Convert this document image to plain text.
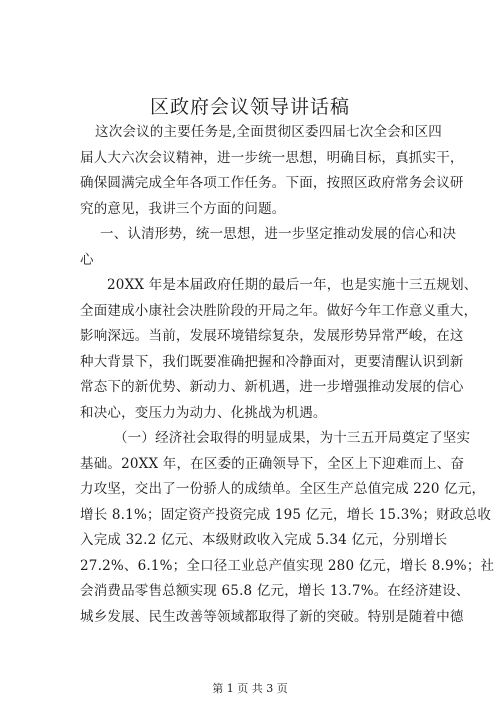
区政府会议领导讲话稿
这次会议的主要任务是,全面贯彻区委四届七次全会和区四
届人大六次会议精神，进一步统一思想，明确目标，真抓实干，
确保圆满完成全年各项工作任务。下面，按照区政府常务会议研
究的意见，我讲三个方面的问题。
一、认清形势，统一思想，进一步坚定推动发展的信心和决
心
20XX 年是本届政府任期的最后一年，也是实施十三五规划、
全面建成小康社会决胜阶段的开局之年。做好今年工作意义重大，
影响深远。当前，发展环境错综复杂，发展形势异常严峻，在这
种大背景下，我们既要准确把握和冷静面对，更要清醒认识到新
常态下的新优势、新动力、新机遇，进一步增强推动发展的信心
和决心，变压力为动力、化挑战为机遇。
（一）经济社会取得的明显成果，为十三五开局奠定了坚实
基础。20XX 年，在区委的正确领导下，全区上下迎难而上、奋
力攻坚，交出了一份骄人的成绩单。全区生产总值完成 220 亿元，
增长 8.1%；固定资产投资完成 195 亿元，增长 15.3%；财政总收
入完成 32.2 亿元、本级财政收入完成 5.34 亿元，分别增长
27.2%、6.1%；全口径工业总产值实现 280 亿元，增长 8.9%；社
会消费品零售总额实现 65.8 亿元，增长 13.7%。在经济建设、
城乡发展、民生改善等领域都取得了新的突破。特别是随着中德
第 1 页 共 3 页
